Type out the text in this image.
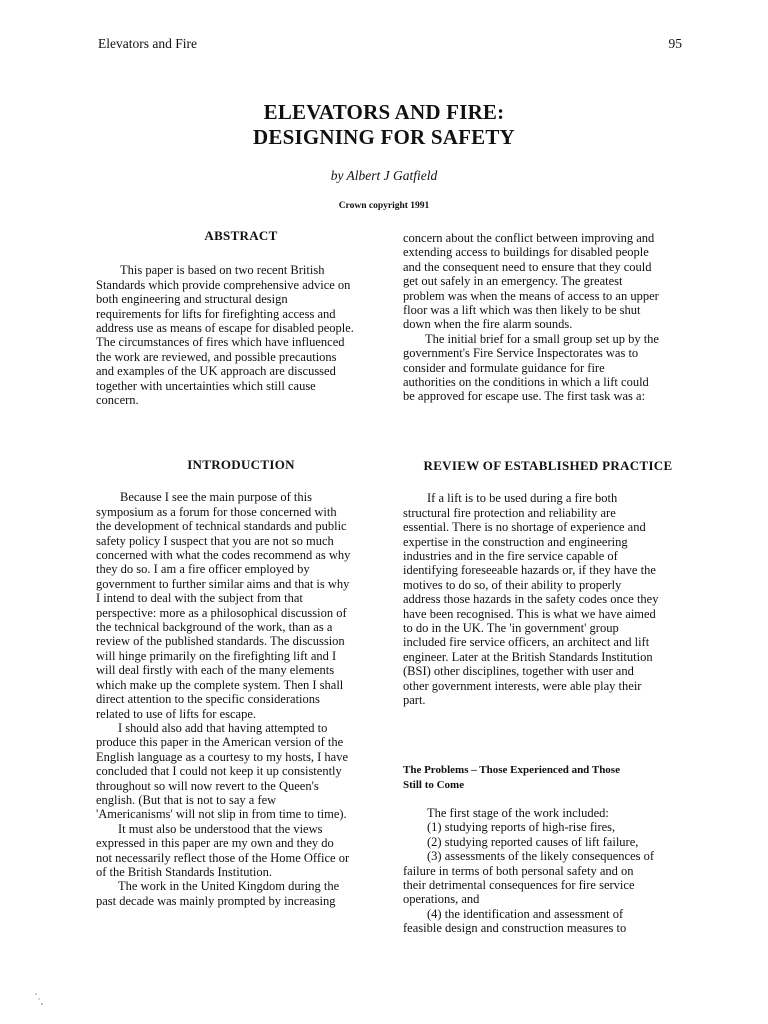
Elevators and Fire	95
ELEVATORS AND FIRE:
DESIGNING FOR SAFETY
by Albert J Gatfield
Crown copyright 1991
ABSTRACT
This paper is based on two recent British
Standards which provide comprehensive advice on
both engineering and structural design
requirements for lifts for firefighting access and
address use as means of escape for disabled people.
The circumstances of fires which have influenced
the work are reviewed, and possible precautions
and examples of the UK approach are discussed
together with uncertainties which still cause
concern.
INTRODUCTION
Because I see the main purpose of this
symposium as a forum for those concerned with
the development of technical standards and public
safety policy I suspect that you are not so much
concerned with what the codes recommend as why
they do so. I am a fire officer employed by
government to further similar aims and that is why
I intend to deal with the subject from that
perspective: more as a philosophical discussion of
the technical background of the work, than as a
review of the published standards. The discussion
will hinge primarily on the firefighting lift and I
will deal firstly with each of the many elements
which make up the complete system. Then I shall
direct attention to the specific considerations
related to use of lifts for escape.
I should also add that having attempted to
produce this paper in the American version of the
English language as a courtesy to my hosts, I have
concluded that I could not keep it up consistently
throughout so will now revert to the Queen's
english. (But that is not to say a few
'Americanisms' will not slip in from time to time).
It must also be understood that the views
expressed in this paper are my own and they do
not necessarily reflect those of the Home Office or
of the British Standards Institution.
The work in the United Kingdom during the
past decade was mainly prompted by increasing
concern about the conflict between improving and
extending access to buildings for disabled people
and the consequent need to ensure that they could
get out safely in an emergency. The greatest
problem was when the means of access to an upper
floor was a lift which was then likely to be shut
down when the fire alarm sounds.
The initial brief for a small group set up by the
government's Fire Service Inspectorates was to
consider and formulate guidance for fire
authorities on the conditions in which a lift could
be approved for escape use. The first task was a:
REVIEW OF ESTABLISHED PRACTICE
If a lift is to be used during a fire both
structural fire protection and reliability are
essential. There is no shortage of experience and
expertise in the construction and engineering
industries and in the fire service capable of
identifying foreseeable hazards or, if they have the
motives to do so, of their ability to properly
address those hazards in the safety codes once they
have been recognised. This is what we have aimed
to do in the UK. The 'in government' group
included fire service officers, an architect and lift
engineer. Later at the British Standards Institution
(BSI) other disciplines, together with user and
other government interests, were able play their
part.
The Problems – Those Experienced and Those
Still to Come
The first stage of the work included:
(1) studying reports of high-rise fires,
(2) studying reported causes of lift failure,
(3) assessments of the likely consequences of
failure in terms of both personal safety and on
their detrimental consequences for fire service
operations, and
(4) the identification and assessment of
feasible design and construction measures to
